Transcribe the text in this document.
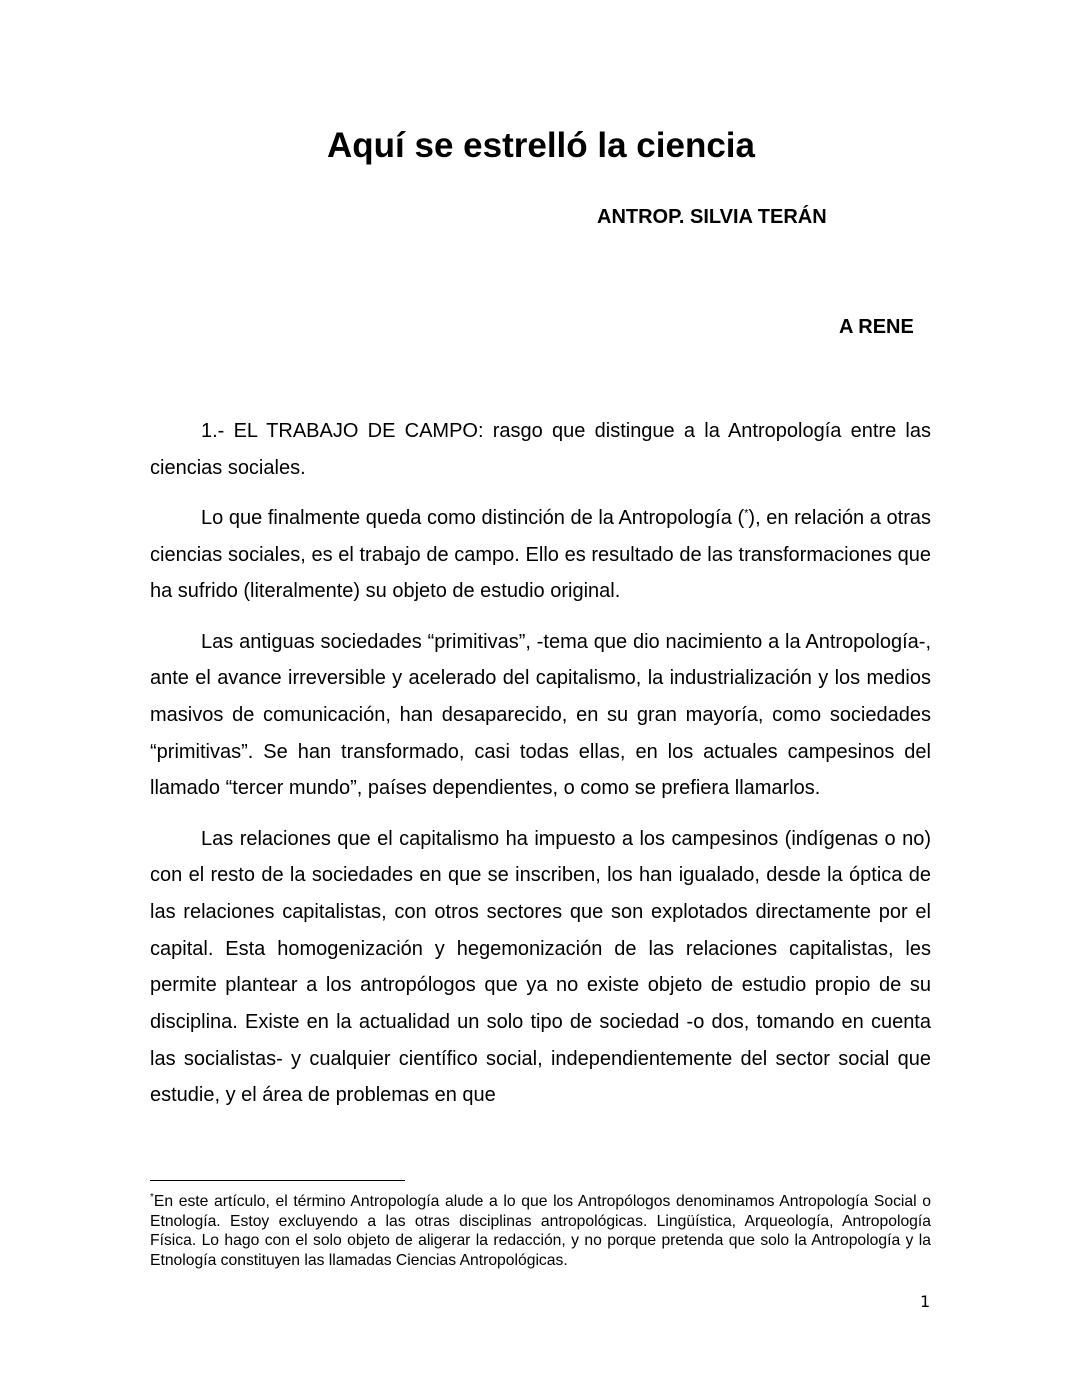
Aquí se estrelló la ciencia

ANTROP. SILVIA TERÁN

A RENE

1.- EL TRABAJO DE CAMPO: rasgo que distingue a la Antropología entre las ciencias sociales.

Lo que finalmente queda como distinción de la Antropología (*), en relación a otras ciencias sociales, es el trabajo de campo. Ello es resultado de las transformaciones que ha sufrido (literalmente) su objeto de estudio original.

Las antiguas sociedades “primitivas”, -tema que dio nacimiento a la Antropología-, ante el avance irreversible y acelerado del capitalismo, la industrialización y los medios masivos de comunicación, han desaparecido, en su gran mayoría, como sociedades “primitivas”. Se han transformado, casi todas ellas, en los actuales campesinos del llamado “tercer mundo”, países dependientes, o como se prefiera llamarlos.

Las relaciones que el capitalismo ha impuesto a los campesinos (indígenas o no) con el resto de la sociedades en que se inscriben, los han igualado, desde la óptica de las relaciones capitalistas, con otros sectores que son explotados directamente por el capital. Esta homogenización y hegemonización de las relaciones capitalistas, les permite plantear a los antropólogos que ya no existe objeto de estudio propio de su disciplina. Existe en la actualidad un solo tipo de sociedad -o dos, tomando en cuenta las socialistas- y cualquier científico social, independientemente del sector social que estudie, y el área de problemas en que

*En este artículo, el término Antropología alude a lo que los Antropólogos denominamos Antropología Social o Etnología. Estoy excluyendo a las otras disciplinas antropológicas. Lingüística, Arqueología, Antropología Física. Lo hago con el solo objeto de aligerar la redacción, y no porque pretenda que solo la Antropología y la Etnología constituyen las llamadas Ciencias Antropológicas.

1
